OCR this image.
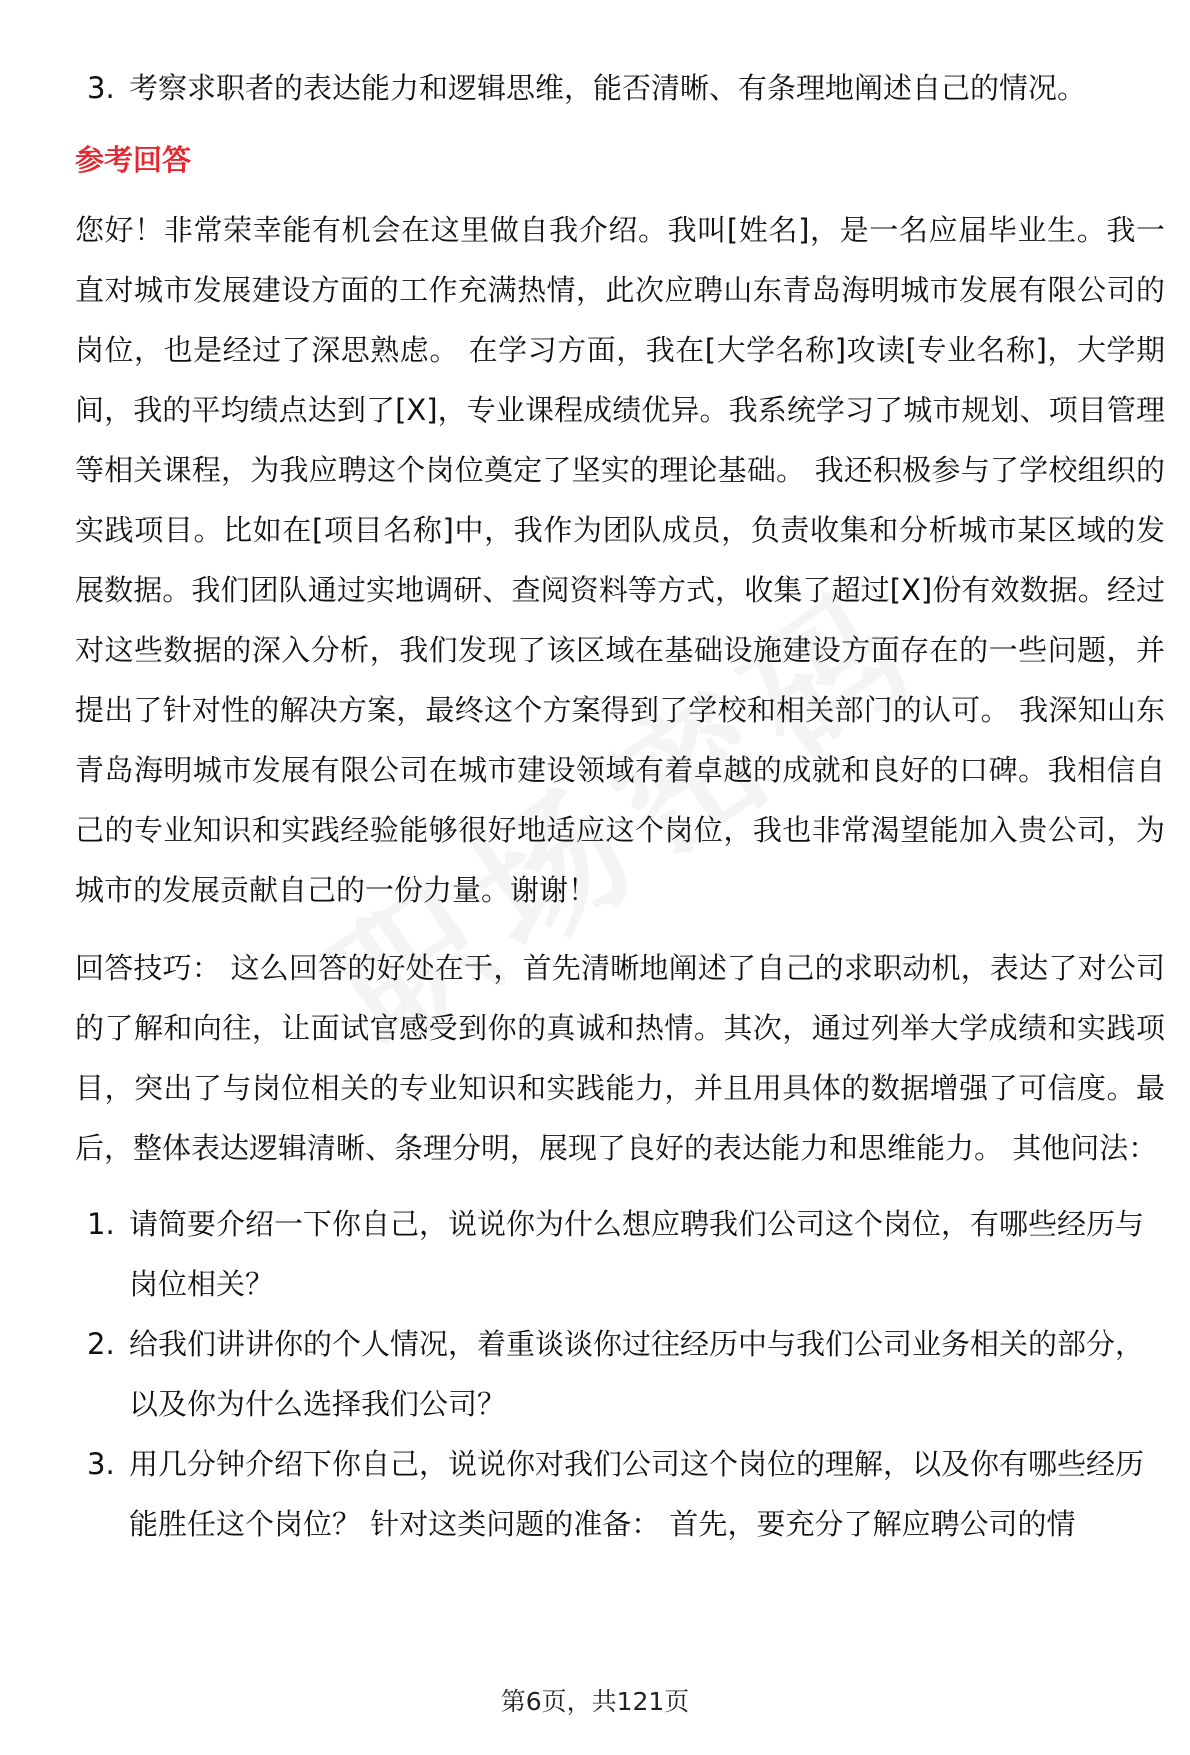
3. 考察求职者的表达能力和逻辑思维，能否清晰、有条理地阐述自己的情况。

参考回答

您好！非常荣幸能有机会在这里做自我介绍。我叫[姓名]，是一名应届毕业生。我一直对城市发展建设方面的工作充满热情，此次应聘山东青岛海明城市发展有限公司的岗位，也是经过了深思熟虑。 在学习方面，我在[大学名称]攻读[专业名称]，大学期间，我的平均绩点达到了[X]，专业课程成绩优异。我系统学习了城市规划、项目管理等相关课程，为我应聘这个岗位奠定了坚实的理论基础。 我还积极参与了学校组织的实践项目。比如在[项目名称]中，我作为团队成员，负责收集和分析城市某区域的发展数据。我们团队通过实地调研、查阅资料等方式，收集了超过[X]份有效数据。经过对这些数据的深入分析，我们发现了该区域在基础设施建设方面存在的一些问题，并提出了针对性的解决方案，最终这个方案得到了学校和相关部门的认可。 我深知山东青岛海明城市发展有限公司在城市建设领域有着卓越的成就和良好的口碑。我相信自己的专业知识和实践经验能够很好地适应这个岗位，我也非常渴望能加入贵公司，为城市的发展贡献自己的一份力量。谢谢！

回答技巧： 这么回答的好处在于，首先清晰地阐述了自己的求职动机，表达了对公司的了解和向往，让面试官感受到你的真诚和热情。其次，通过列举大学成绩和实践项目，突出了与岗位相关的专业知识和实践能力，并且用具体的数据增强了可信度。最后，整体表达逻辑清晰、条理分明，展现了良好的表达能力和思维能力。 其他问法：

1. 请简要介绍一下你自己，说说你为什么想应聘我们公司这个岗位，有哪些经历与岗位相关？
2. 给我们讲讲你的个人情况，着重谈谈你过往经历中与我们公司业务相关的部分，以及你为什么选择我们公司？
3. 用几分钟介绍下你自己，说说你对我们公司这个岗位的理解，以及你有哪些经历能胜任这个岗位？ 针对这类问题的准备： 首先，要充分了解应聘公司的情
第6页，共121页
